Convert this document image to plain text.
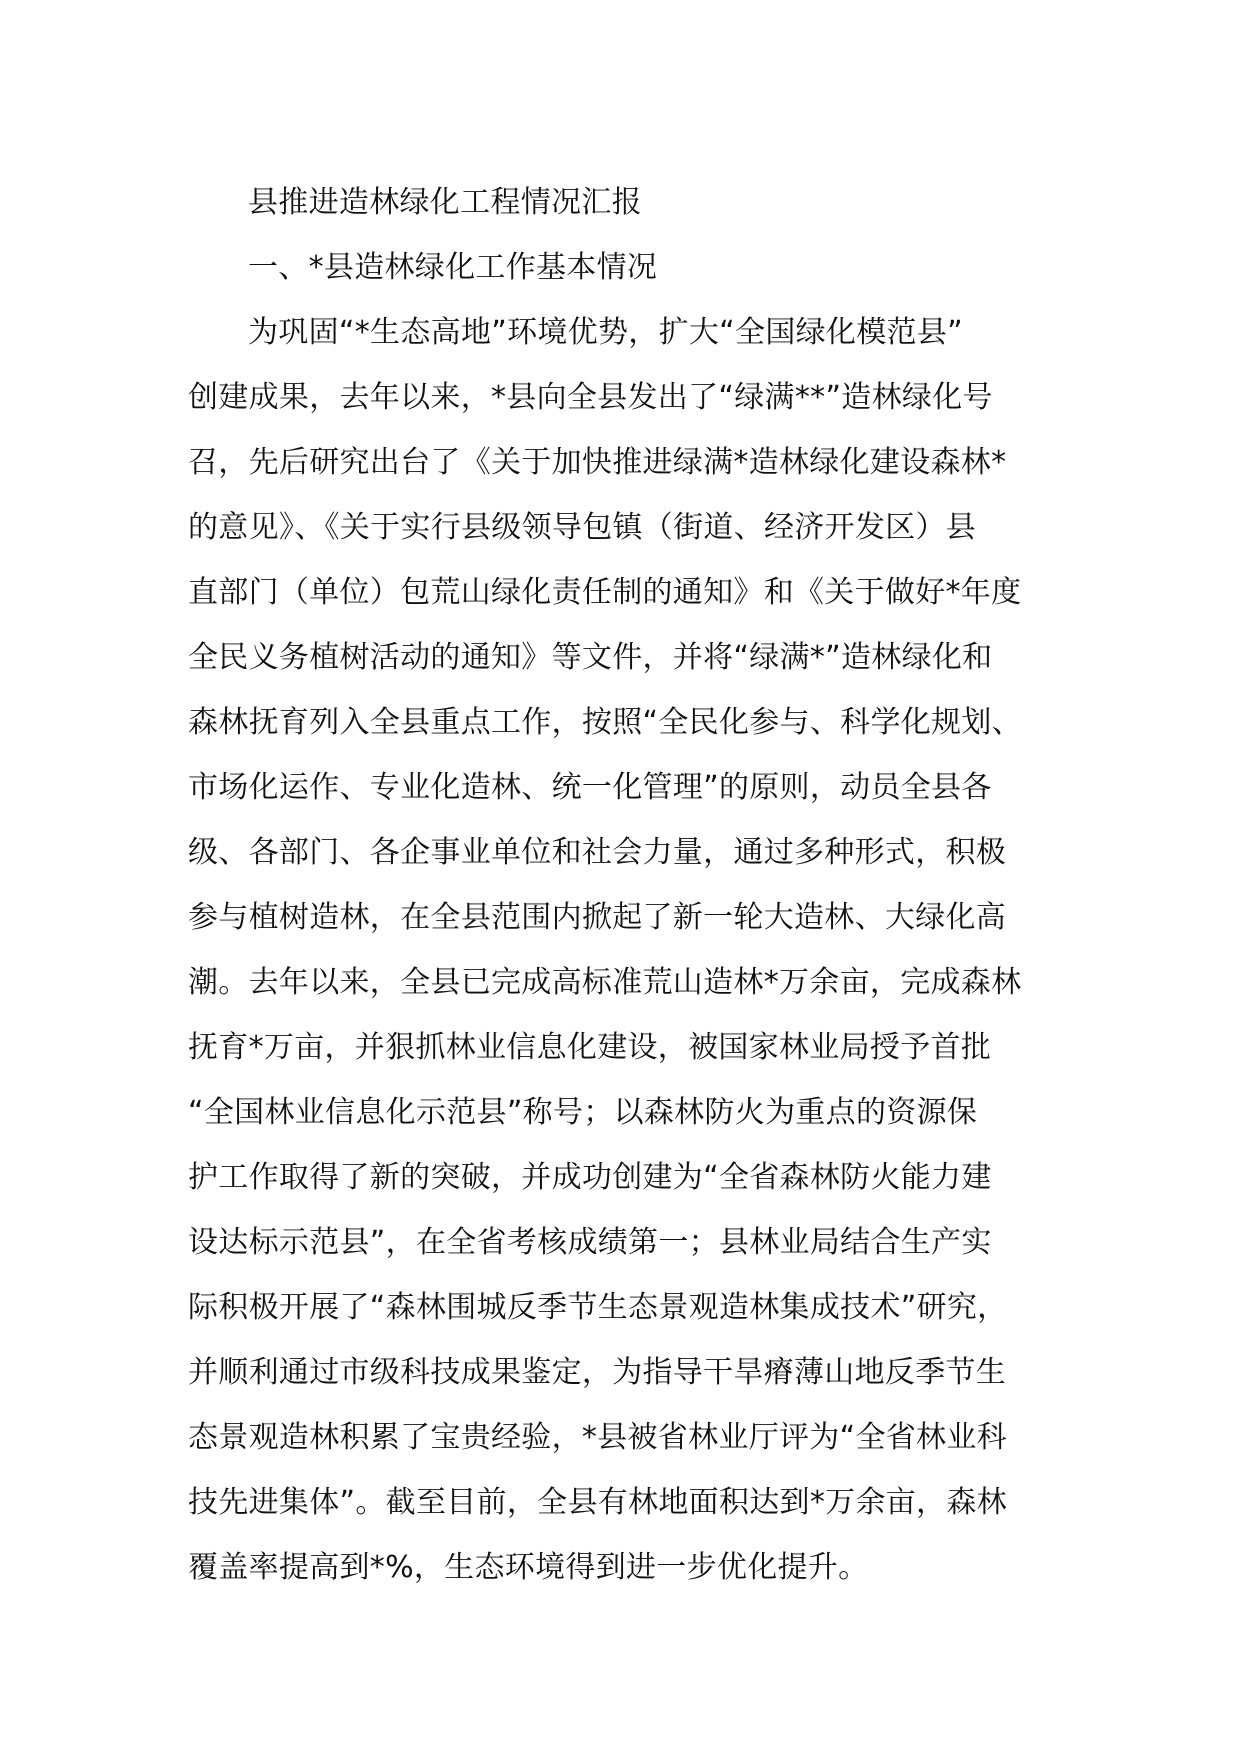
县推进造林绿化工程情况汇报
一、*县造林绿化工作基本情况
为巩固“*生态高地”环境优势，扩大“全国绿化模范县”
创建成果，去年以来，*县向全县发出了“绿满**”造林绿化号
召，先后研究出台了《关于加快推进绿满*造林绿化建设森林*
的意见》、《关于实行县级领导包镇（街道、经济开发区）县
直部门（单位）包荒山绿化责任制的通知》和《关于做好*年度
全民义务植树活动的通知》等文件，并将“绿满*”造林绿化和
森林抚育列入全县重点工作，按照“全民化参与、科学化规划、
市场化运作、专业化造林、统一化管理”的原则，动员全县各
级、各部门、各企事业单位和社会力量，通过多种形式，积极
参与植树造林，在全县范围内掀起了新一轮大造林、大绿化高
潮。去年以来，全县已完成高标准荒山造林*万余亩，完成森林
抚育*万亩，并狠抓林业信息化建设，被国家林业局授予首批
“全国林业信息化示范县”称号；以森林防火为重点的资源保
护工作取得了新的突破，并成功创建为“全省森林防火能力建
设达标示范县”，在全省考核成绩第一；县林业局结合生产实
际积极开展了“森林围城反季节生态景观造林集成技术”研究，
并顺利通过市级科技成果鉴定，为指导干旱瘠薄山地反季节生
态景观造林积累了宝贵经验，*县被省林业厅评为“全省林业科
技先进集体”。截至目前，全县有林地面积达到*万余亩，森林
覆盖率提高到*%，生态环境得到进一步优化提升。
